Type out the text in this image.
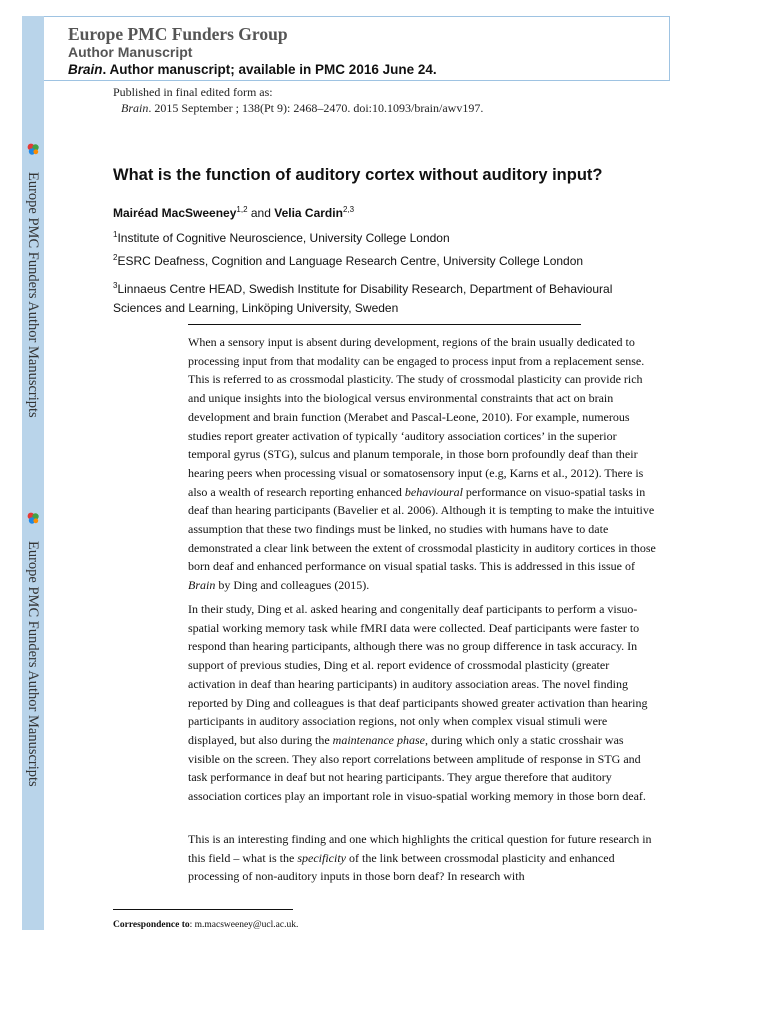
Europe PMC Funders Author Manuscripts
Europe PMC Funders Author Manuscripts
Europe PMC Funders Group
Author Manuscript
Brain. Author manuscript; available in PMC 2016 June 24.
Published in final edited form as:
Brain. 2015 September ; 138(Pt 9): 2468–2470. doi:10.1093/brain/awv197.
What is the function of auditory cortex without auditory input?
Mairéad MacSweeney$^{1,2}$ and Velia Cardin$^{2,3}$
$^1$Institute of Cognitive Neuroscience, University College London
$^2$ESRC Deafness, Cognition and Language Research Centre, University College London
$^3$Linnaeus Centre HEAD, Swedish Institute for Disability Research, Department of Behavioural Sciences and Learning, Linköping University, Sweden

When a sensory input is absent during development, regions of the brain usually dedicated to processing input from that modality can be engaged to process input from a replacement sense. This is referred to as crossmodal plasticity. The study of crossmodal plasticity can provide rich and unique insights into the biological versus environmental constraints that act on brain development and brain function (Merabet and Pascal-Leone, 2010). For example, numerous studies report greater activation of typically ‘auditory association cortices’ in the superior temporal gyrus (STG), sulcus and planum temporale, in those born profoundly deaf than their hearing peers when processing visual or somatosensory input (e.g, Karns et al., 2012). There is also a wealth of research reporting enhanced behavioural performance on visuo-spatial tasks in deaf than hearing participants (Bavelier et al. 2006). Although it is tempting to make the intuitive assumption that these two findings must be linked, no studies with humans have to date demonstrated a clear link between the extent of crossmodal plasticity in auditory cortices in those born deaf and enhanced performance on visual spatial tasks. This is addressed in this issue of Brain by Ding and colleagues (2015).

In their study, Ding et al. asked hearing and congenitally deaf participants to perform a visuo-spatial working memory task while fMRI data were collected. Deaf participants were faster to respond than hearing participants, although there was no group difference in task accuracy. In support of previous studies, Ding et al. report evidence of crossmodal plasticity (greater activation in deaf than hearing participants) in auditory association areas. The novel finding reported by Ding and colleagues is that deaf participants showed greater activation than hearing participants in auditory association regions, not only when complex visual stimuli were displayed, but also during the maintenance phase, during which only a static crosshair was visible on the screen. They also report correlations between amplitude of response in STG and task performance in deaf but not hearing participants. They argue therefore that auditory association cortices play an important role in visuo-spatial working memory in those born deaf.

This is an interesting finding and one which highlights the critical question for future research in this field – what is the specificity of the link between crossmodal plasticity and enhanced processing of non-auditory inputs in those born deaf? In research with

Correspondence to: m.macsweeney@ucl.ac.uk.
